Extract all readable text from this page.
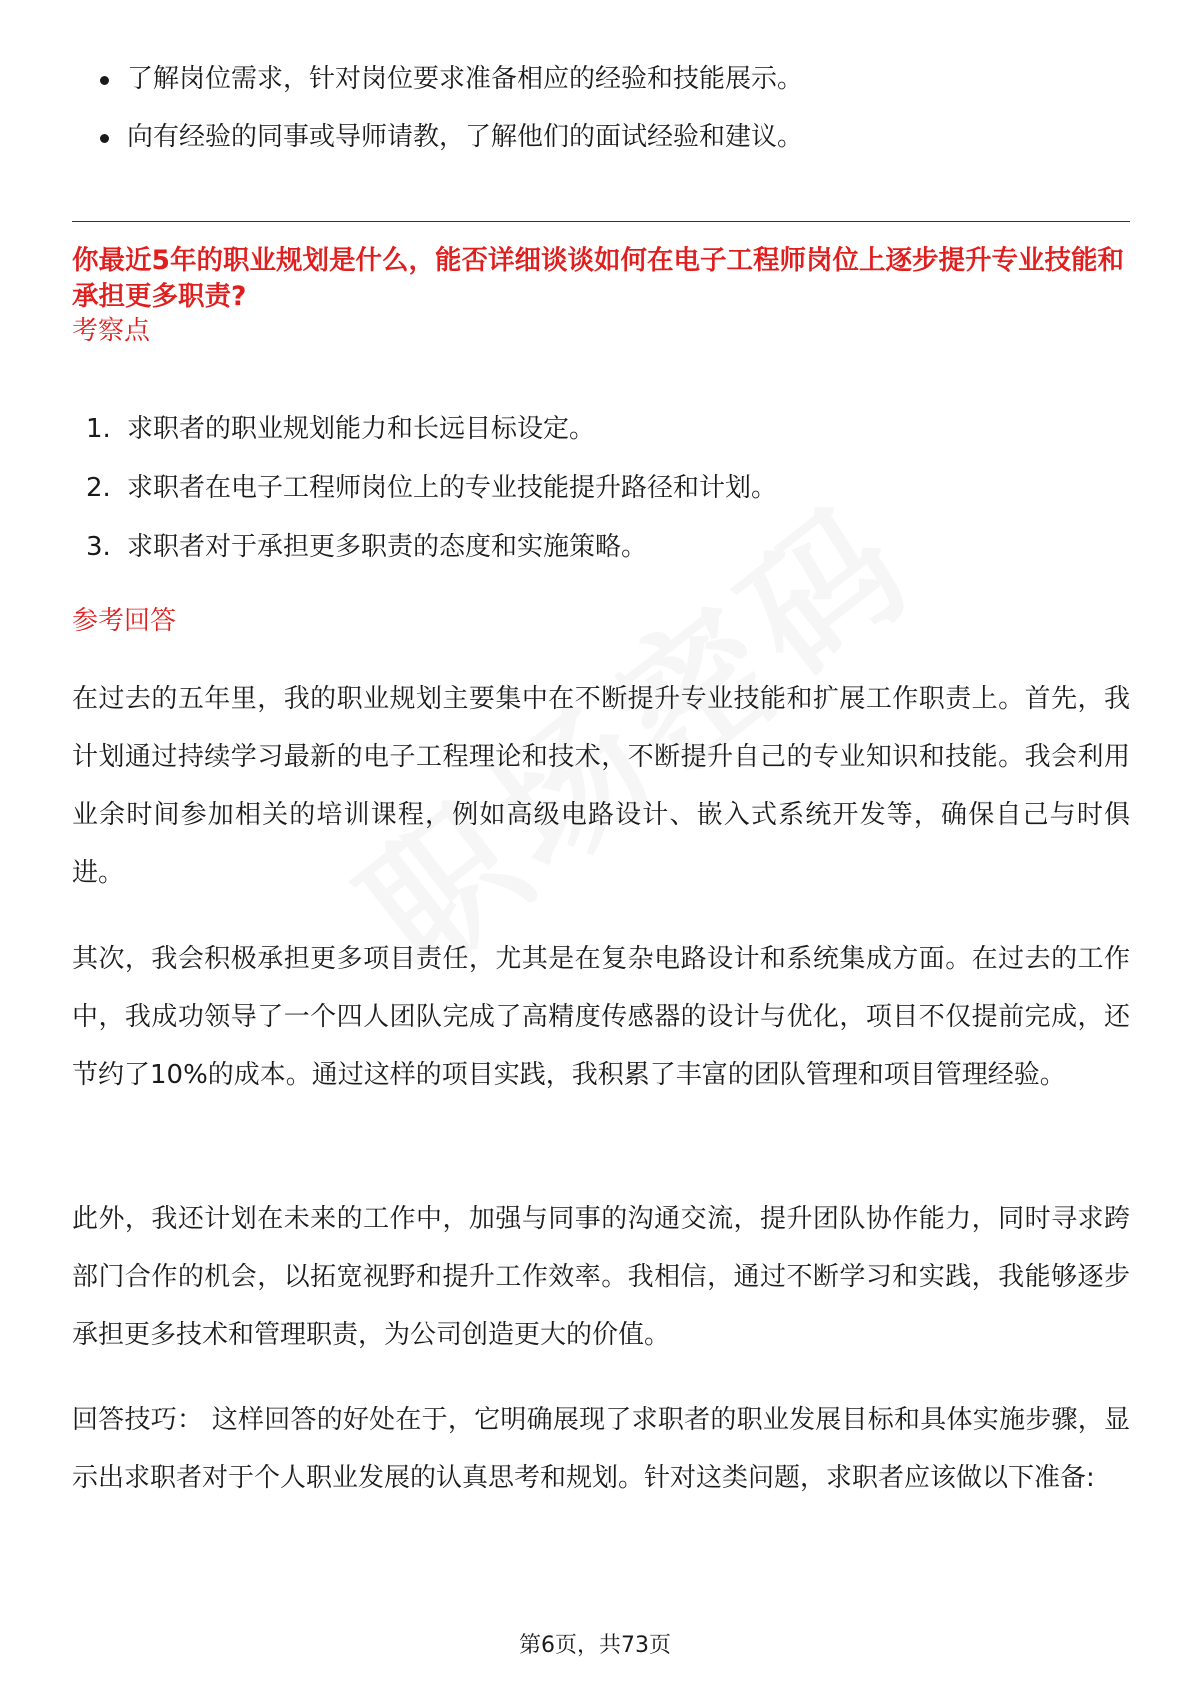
了解岗位需求，针对岗位要求准备相应的经验和技能展示。
向有经验的同事或导师请教，了解他们的面试经验和建议。
你最近5年的职业规划是什么，能否详细谈谈如何在电子工程师岗位上逐步提升专业技能和承担更多职责?
考察点
1. 求职者的职业规划能力和长远目标设定。
2. 求职者在电子工程师岗位上的专业技能提升路径和计划。
3. 求职者对于承担更多职责的态度和实施策略。
参考回答

在过去的五年里，我的职业规划主要集中在不断提升专业技能和扩展工作职责上。首先，我计划通过持续学习最新的电子工程理论和技术，不断提升自己的专业知识和技能。我会利用业余时间参加相关的培训课程，例如高级电路设计、嵌入式系统开发等，确保自己与时俱进。

其次，我会积极承担更多项目责任，尤其是在复杂电路设计和系统集成方面。在过去的工作中，我成功领导了一个四人团队完成了高精度传感器的设计与优化，项目不仅提前完成，还节约了10%的成本。通过这样的项目实践，我积累了丰富的团队管理和项目管理经验。

此外，我还计划在未来的工作中，加强与同事的沟通交流，提升团队协作能力，同时寻求跨部门合作的机会，以拓宽视野和提升工作效率。我相信，通过不断学习和实践，我能够逐步承担更多技术和管理职责，为公司创造更大的价值。

回答技巧： 这样回答的好处在于，它明确展现了求职者的职业发展目标和具体实施步骤，显示出求职者对于个人职业发展的认真思考和规划。针对这类问题，求职者应该做以下准备:

第6页，共73页
